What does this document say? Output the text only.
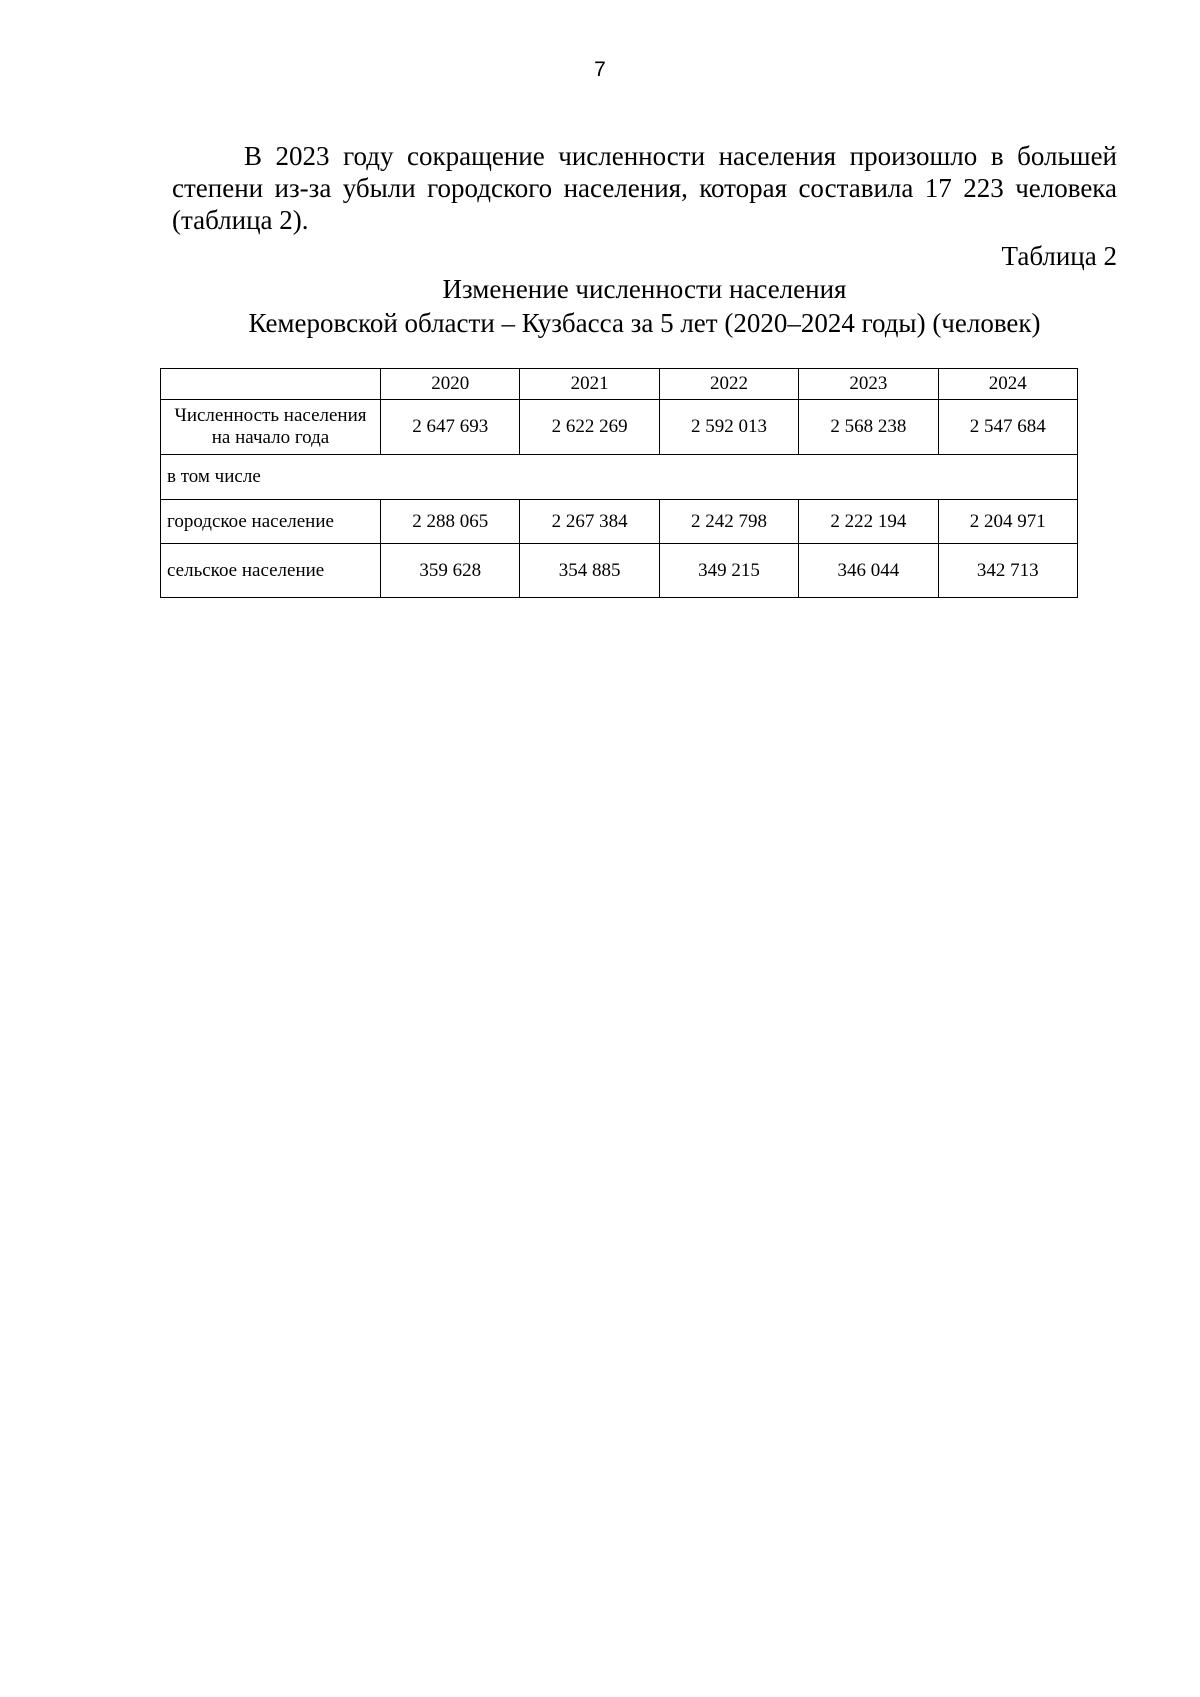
7

В 2023 году сокращение численности населения произошло в большей степени из-за убыли городского населения, которая составила 17 223 человека (таблица 2).

Таблица 2
Изменение численности населения
Кемеровской области – Кузбасса за 5 лет (2020–2024 годы) (человек)
	2020	2021	2022	2023	2024
Численность населения на начало года	2 647 693	2 622 269	2 592 013	2 568 238	2 547 684
в том числе					
городское население	2 288 065	2 267 384	2 242 798	2 222 194	2 204 971
сельское население	359 628	354 885	349 215	346 044	342 713
